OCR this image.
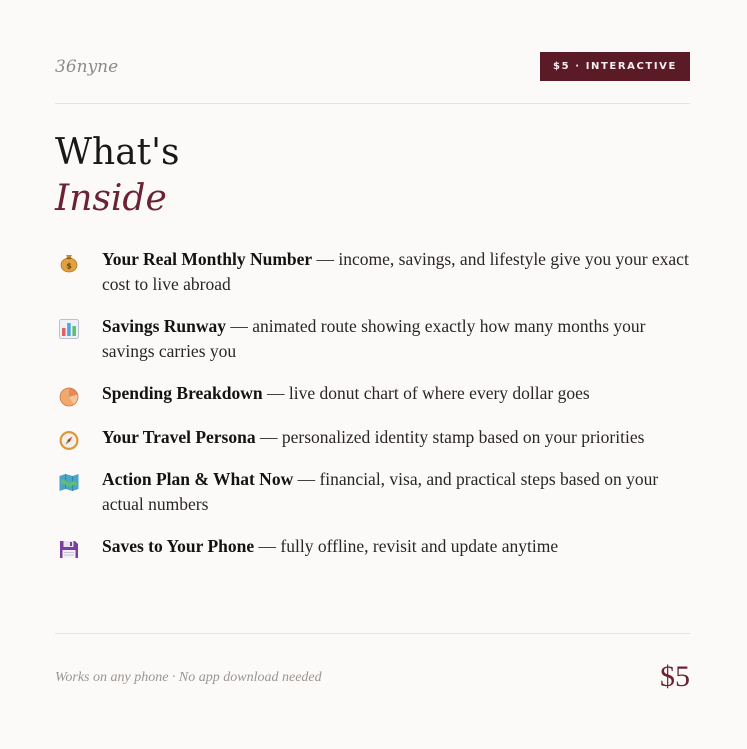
36nyne	$5 · INTERACTIVE
What's
Inside
$ Your Real Monthly Number — income, savings, and lifestyle give you your exact cost to live abroad
Savings Runway — animated route showing exactly how many months your savings carries you
Spending Breakdown — live donut chart of where every dollar goes
Your Travel Persona — personalized identity stamp based on your priorities
Action Plan & What Now — financial, visa, and practical steps based on your actual numbers
Saves to Your Phone — fully offline, revisit and update anytime
Works on any phone · No app download needed	$5
